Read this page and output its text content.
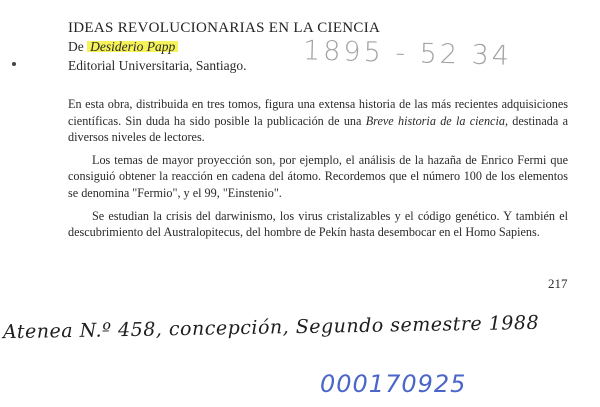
IDEAS REVOLUCIONARIAS EN LA CIENCIA
De Desiderio Papp
Editorial Universitaria, Santiago. 1895 - 52 34

En esta obra, distribuida en tres tomos, figura una extensa historia de las más recientes adquisiciones científicas. Sin duda ha sido posible la publicación de una Breve historia de la ciencia, destinada a diversos niveles de lectores.

Los temas de mayor proyección son, por ejemplo, el análisis de la hazaña de Enrico Fermi que consiguió obtener la reacción en cadena del átomo. Recordemos que el número 100 de los elementos se denomina "Fermio", y el 99, "Einstenio".

Se estudian la crisis del darwinismo, los virus cristalizables y el código genético. Y también el descubrimiento del Australopitecus, del hombre de Pekín hasta desembocar en el Homo Sapiens.

217
Atenea N.º 458, concepción, Segundo semestre 1988
000170925
